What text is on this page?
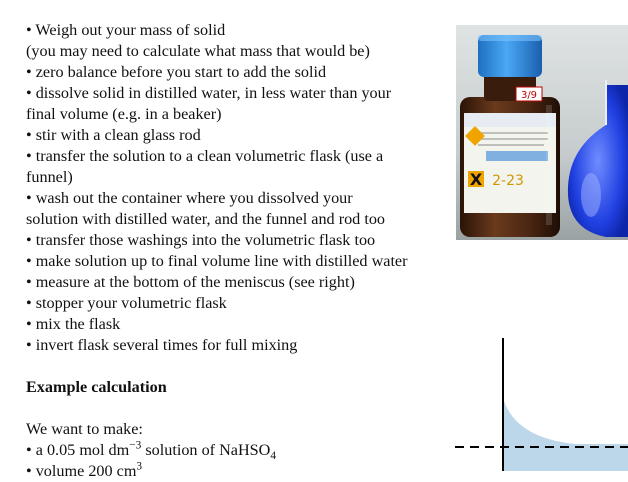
• Weigh out your mass of solid
(you may need to calculate what mass that would be)
• zero balance before you start to add the solid
• dissolve solid in distilled water, in less water than your
final volume (e.g. in a beaker)
• stir with a clean glass rod
• transfer the solution to a clean volumetric flask (use a
funnel)
• wash out the container where you dissolved your
solution with distilled water, and the funnel and rod too
• transfer those washings into the volumetric flask too
• make solution up to final volume line with distilled water
• measure at the bottom of the meniscus (see right)
• stopper your volumetric flask
• mix the flask
• invert flask several times for full mixing
Example calculation
We want to make:
• a 0.05 mol $dm^{-3}$ solution of NaHSO$_4$
• volume 200 $cm^3$
X
3/9
2-23
